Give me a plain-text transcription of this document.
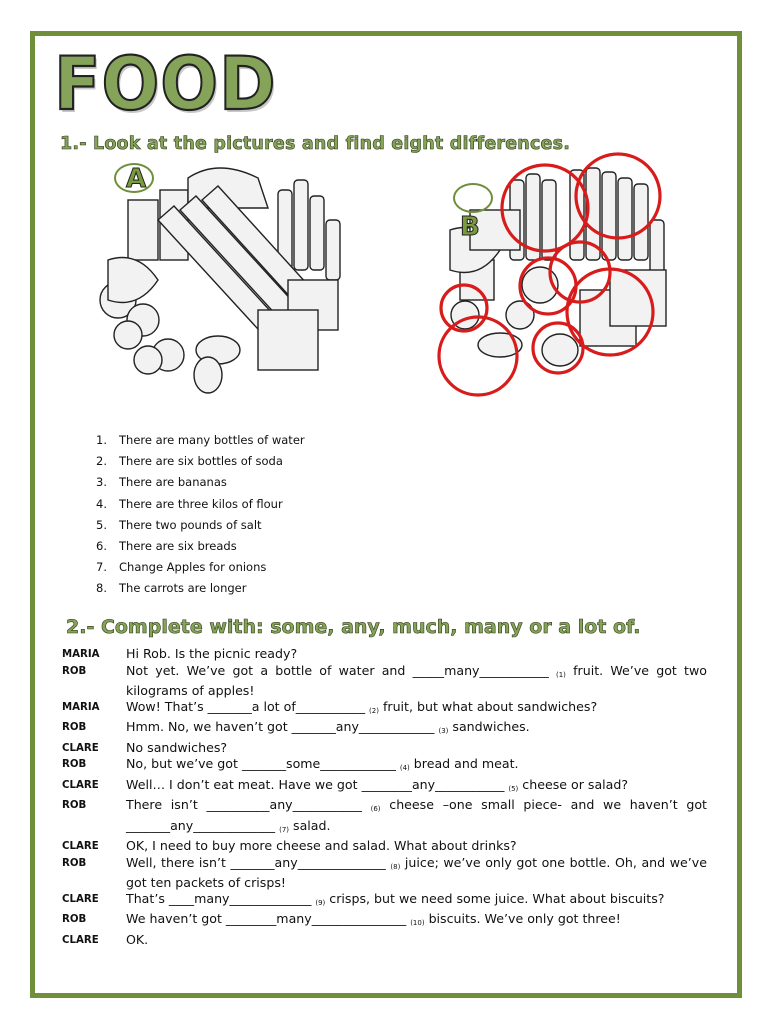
FOOD
1.- Look at the pictures and find eight differences.
A
B
1. There are many bottles of water
2. There are six bottles of soda
3. There are bananas
4. There are three kilos of flour
5. There two pounds of salt
6. There are six breads
7. Change Apples for onions
8. The carrots are longer
2.- Complete with: some, any, much, many or a lot of.
MARIA	Hi Rob. Is the picnic ready?
ROB	Not yet. We’ve got a bottle of water and _____many___________ $_{(1)}$ fruit. We’ve got two kilograms of apples!
MARIA	Wow! That’s _______a lot of___________ $_{(2)}$ fruit, but what about sandwiches?
ROB	Hmm. No, we haven’t got _______any____________ $_{(3)}$ sandwiches.
CLARE	No sandwiches?
ROB	No, but we’ve got _______some____________ $_{(4)}$ bread and meat.
CLARE	Well… I don’t eat meat. Have we got ________any___________ $_{(5)}$ cheese or salad?
ROB	There isn’t __________any___________ $_{(6)}$ cheese –one small piece- and we haven’t got _______any_____________ $_{(7)}$ salad.
CLARE	OK, I need to buy more cheese and salad. What about drinks?
ROB	Well, there isn’t _______any______________ $_{(8)}$ juice; we’ve only got one bottle. Oh, and we’ve got ten packets of crisps!
CLARE	That’s ____many_____________ $_{(9)}$ crisps, but we need some juice. What about biscuits?
ROB	We haven’t got ________many_______________ $_{(10)}$ biscuits. We’ve only got three!
CLARE	OK.
